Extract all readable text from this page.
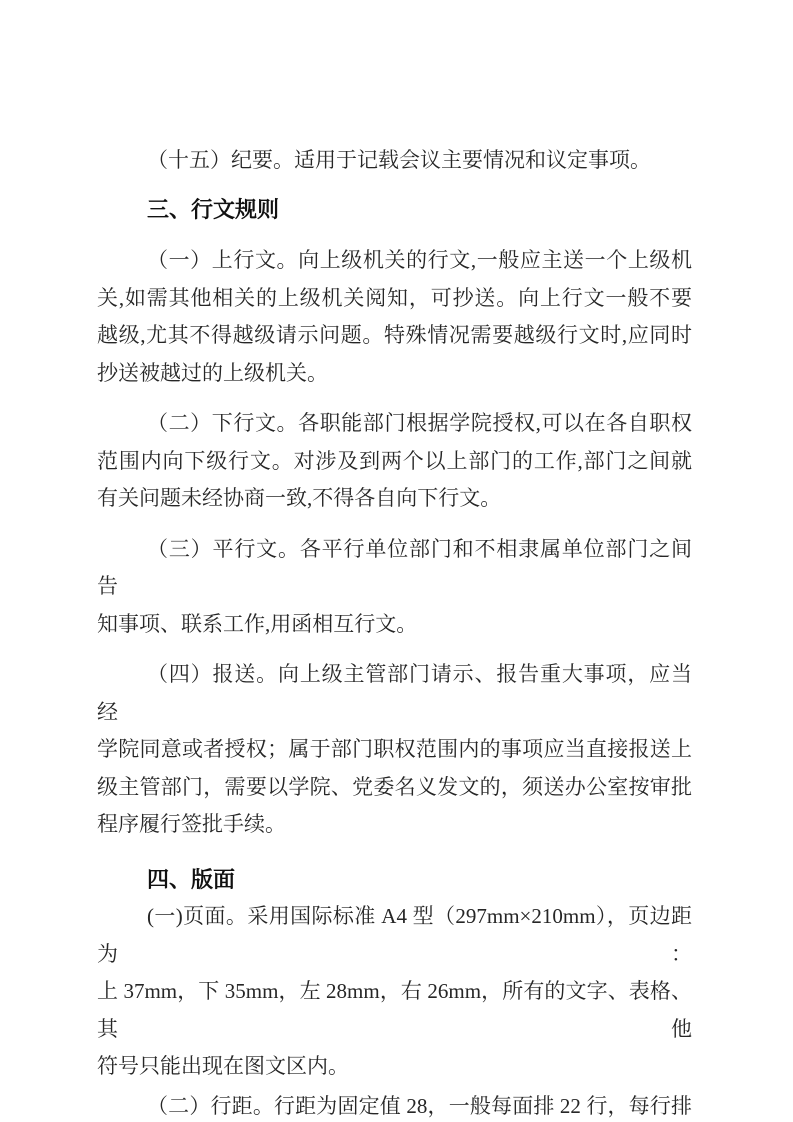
（十五）纪要。适用于记载会议主要情况和议定事项。
三、行文规则
（一）上行文。向上级机关的行文,一般应主送一个上级机
关,如需其他相关的上级机关阅知，可抄送。向上行文一般不要
越级,尤其不得越级请示问题。特殊情况需要越级行文时,应同时
抄送被越过的上级机关。
（二）下行文。各职能部门根据学院授权,可以在各自职权
范围内向下级行文。对涉及到两个以上部门的工作,部门之间就
有关问题未经协商一致,不得各自向下行文。
（三）平行文。各平行单位部门和不相隶属单位部门之间告
知事项、联系工作,用函相互行文。
（四）报送。向上级主管部门请示、报告重大事项，应当经
学院同意或者授权；属于部门职权范围内的事项应当直接报送上
级主管部门，需要以学院、党委名义发文的，须送办公室按审批
程序履行签批手续。
四、版面
(一)页面。采用国际标准 A4 型（297mm×210mm），页边距为：
上 37mm，下 35mm，左 28mm，右 26mm，所有的文字、表格、其他
符号只能出现在图文区内。
（二）行距。行距为固定值 28，一般每面排 22 行，每行排
